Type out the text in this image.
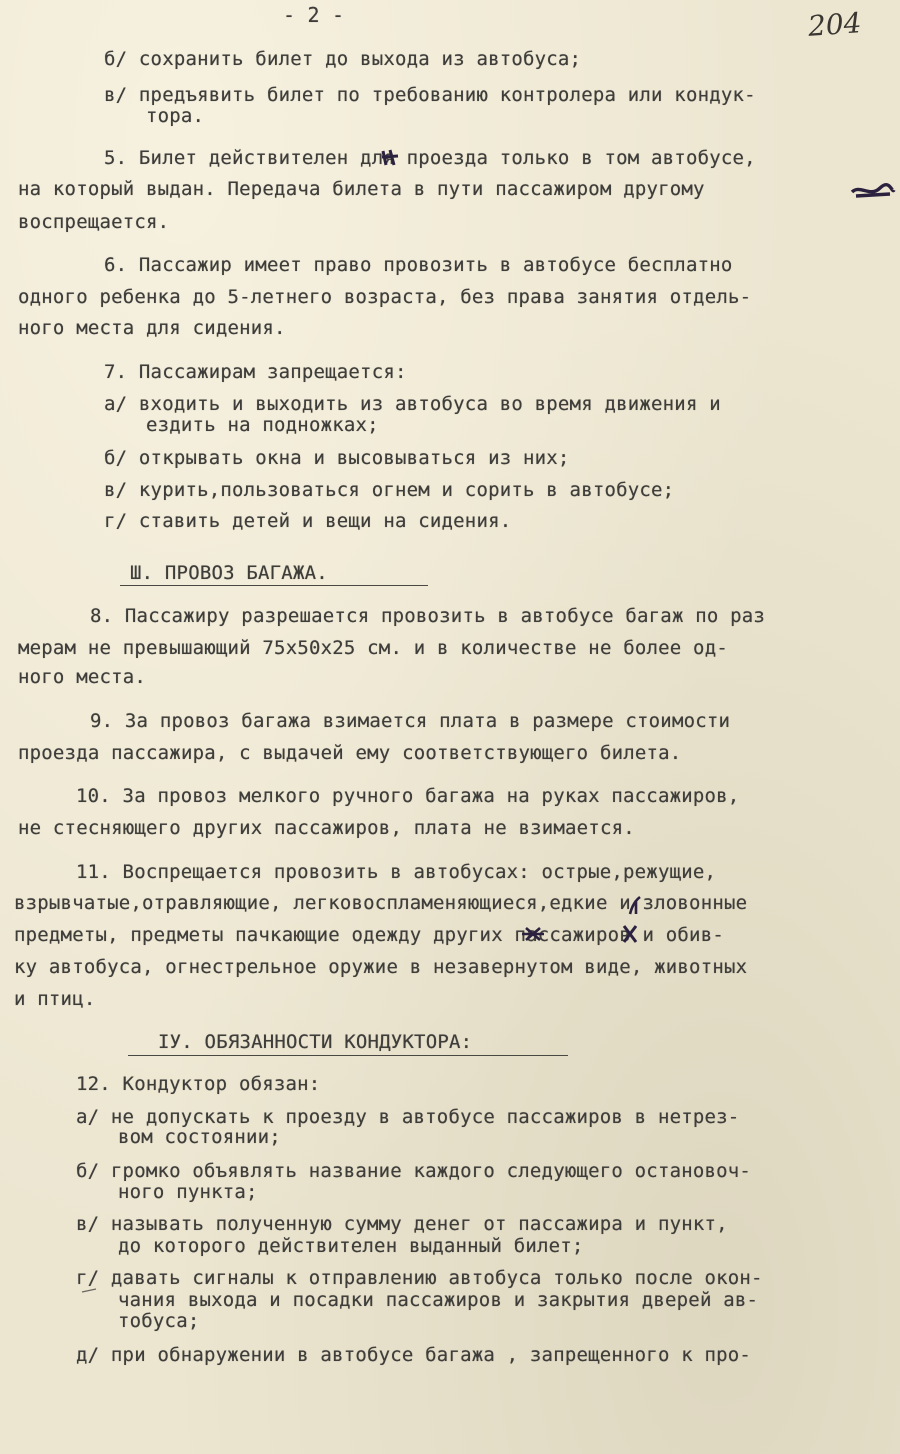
- 2 -	204
б/ сохранить билет до выхода из автобуса;
в/ предъявить билет по требованию контролера или кондук-
тора.
5. Билет действителен для проезда только в том автобусе,
на который выдан. Передача билета в пути пассажиром другому
воспрещается.
6. Пассажир имеет право провозить в автобусе бесплатно
одного ребенка до 5-летнего возраста, без права занятия отдель-
ного места для сидения.
7. Пассажирам запрещается:
а/ входить и выходить из автобуса во время движения и
ездить на подножках;
б/ открывать окна и высовываться из них;
в/ курить,пользоваться огнем и сорить в автобусе;
г/ ставить детей и вещи на сидения.
Ш. ПРОВОЗ БАГАЖА.
8. Пассажиру разрешается провозить в автобусе багаж по раз
мерам не превышающий 75х50х25 см. и в количестве не более од-
ного места.
9. За провоз багажа взимается плата в размере стоимости
проезда пассажира, с выдачей ему соответствующего билета.
10. За провоз мелкого ручного багажа на руках пассажиров,
не стесняющего других пассажиров, плата не взимается.
11. Воспрещается провозить в автобусах: острые,режущие,
взрывчатые,отравляющие, легковоспламеняющиеся,едкие и зловонные
предметы, предметы пачкающие одежду других пассажиров и обив-
ку автобуса, огнестрельное оружие в незавернутом виде, животных
и птиц.
IУ. ОБЯЗАННОСТИ КОНДУКТОРА:
12. Кондуктор обязан:
а/ не допускать к проезду в автобусе пассажиров в нетрез-
вом состоянии;
б/ громко объявлять название каждого следующего остановоч-
ного пункта;
в/ называть полученную сумму денег от пассажира и пункт,
до которого действителен выданный билет;
г/ давать сигналы к отправлению автобуса только после окон-
чания выхода и посадки пассажиров и закрытия дверей ав-
тобуса;
д/ при обнаружении в автобусе багажа , запрещенного к про-
